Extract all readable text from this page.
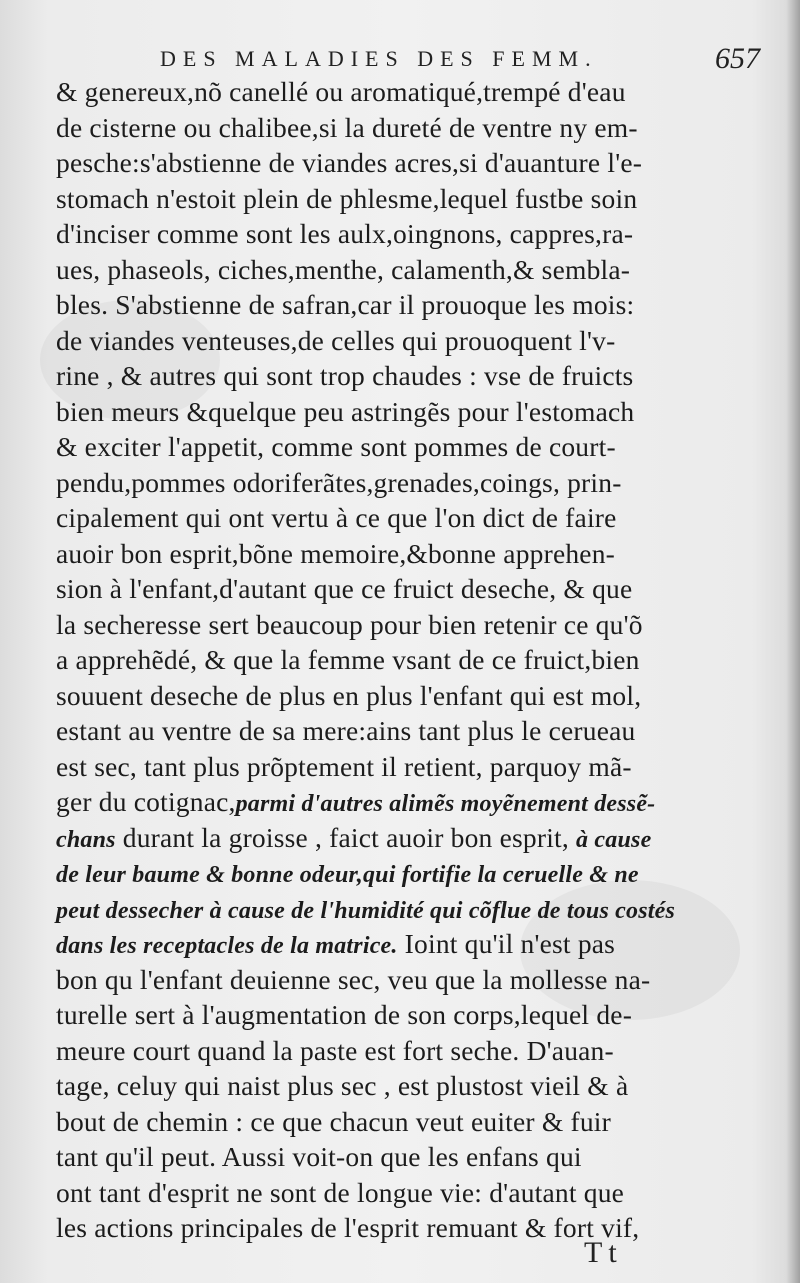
DES MALADIES DES FEMM.	657
& genereux,nõ canellé ou aromatiqué,trempé d'eau
de cisterne ou chalibee,si la dureté de ventre ny em-
pesche:s'abstienne de viandes acres,si d'auanture l'e-
stomach n'estoit plein de phlesme,lequel fustbe soin
d'inciser comme sont les aulx,oingnons, cappres,ra-
ues, phaseols, ciches,menthe, calamenth,& sembla-
bles. S'abstienne de safran,car il prouoque les mois:
de viandes venteuses,de celles qui prouoquent l'v-
rine , & autres qui sont trop chaudes : vse de fruicts
bien meurs &quelque peu astringẽs pour l'estomach
& exciter l'appetit, comme sont pommes de court-
pendu,pommes odoriferãtes,grenades,coings, prin-
cipalement qui ont vertu à ce que l'on dict de faire
auoir bon esprit,bõne memoire,&bonne apprehen-
sion à l'enfant,d'autant que ce fruict deseche, & que
la secheresse sert beaucoup pour bien retenir ce qu'õ
a apprehẽdé, & que la femme vsant de ce fruict,bien
souuent deseche de plus en plus l'enfant qui est mol,
estant au ventre de sa mere:ains tant plus le cerueau
est sec, tant plus prõptement il retient, parquoy mã-
ger du cotignac,parmi d'autres alimẽs moyẽnement dessẽ-
chans durant la groisse , faict auoir bon esprit, à cause
de leur baume & bonne odeur,qui fortifie la ceruelle & ne
peut dessecher à cause de l'humidité qui cõflue de tous costés
dans les receptacles de la matrice. Ioint qu'il n'est pas
bon qu l'enfant deuienne sec, veu que la mollesse na-
turelle sert à l'augmentation de son corps,lequel de-
meure court quand la paste est fort seche. D'auan-
tage, celuy qui naist plus sec , est plustost vieil & à
bout de chemin : ce que chacun veut euiter & fuir
tant qu'il peut. Aussi voit-on que les enfans qui
ont tant d'esprit ne sont de longue vie: d'autant que
les actions principales de l'esprit remuant & fort vif,
Tt
